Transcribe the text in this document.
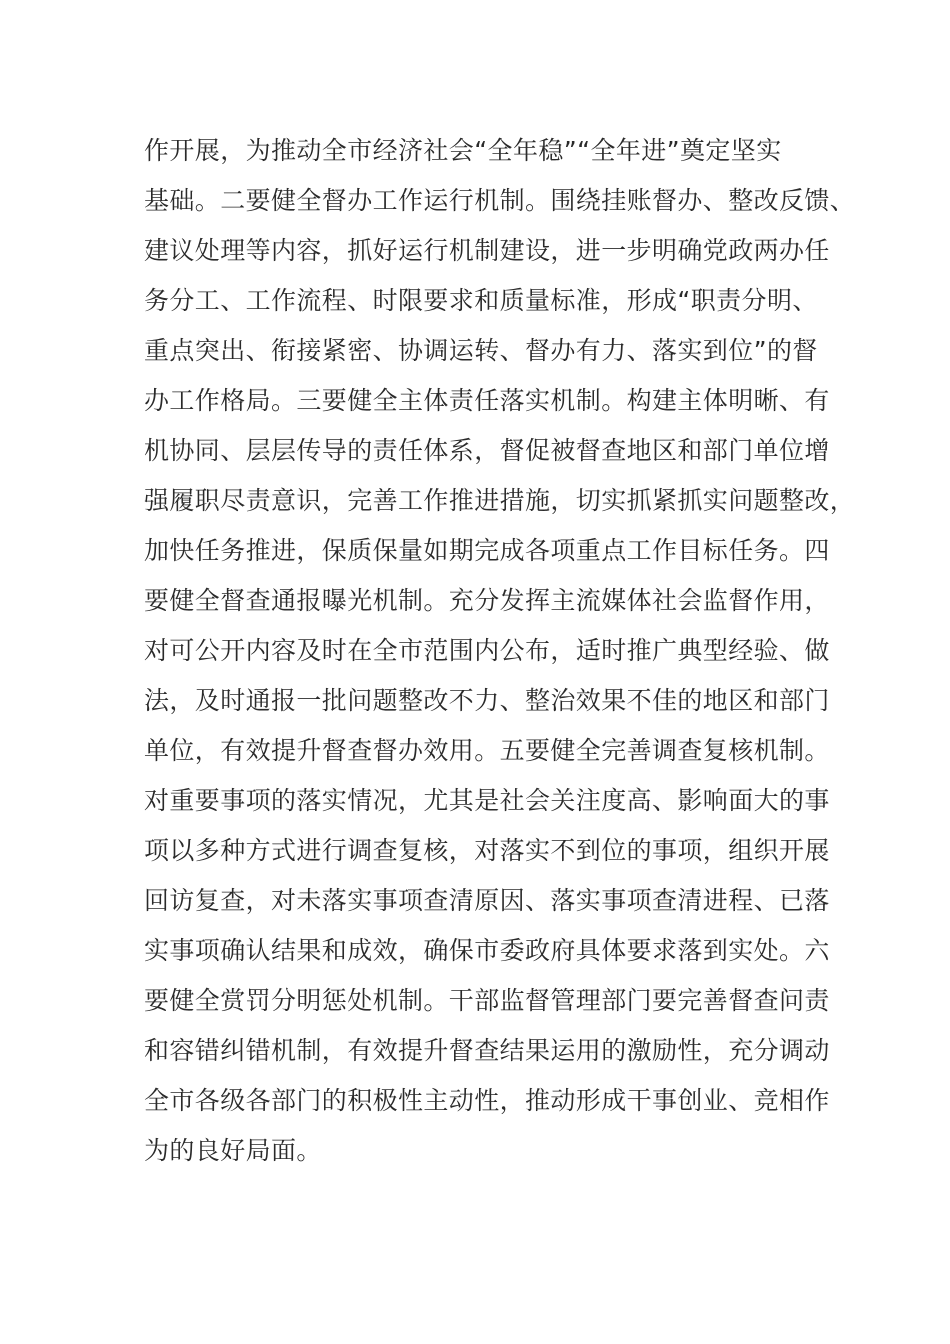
作开展，为推动全市经济社会“全年稳”“全年进”奠定坚实
基础。二要健全督办工作运行机制。围绕挂账督办、整改反馈、
建议处理等内容，抓好运行机制建设，进一步明确党政两办任
务分工、工作流程、时限要求和质量标准，形成“职责分明、
重点突出、衔接紧密、协调运转、督办有力、落实到位”的督
办工作格局。三要健全主体责任落实机制。构建主体明晰、有
机协同、层层传导的责任体系，督促被督查地区和部门单位增
强履职尽责意识，完善工作推进措施，切实抓紧抓实问题整改，
加快任务推进，保质保量如期完成各项重点工作目标任务。四
要健全督查通报曝光机制。充分发挥主流媒体社会监督作用，
对可公开内容及时在全市范围内公布，适时推广典型经验、做
法，及时通报一批问题整改不力、整治效果不佳的地区和部门
单位，有效提升督查督办效用。五要健全完善调查复核机制。
对重要事项的落实情况，尤其是社会关注度高、影响面大的事
项以多种方式进行调查复核，对落实不到位的事项，组织开展
回访复查，对未落实事项查清原因、落实事项查清进程、已落
实事项确认结果和成效，确保市委政府具体要求落到实处。六
要健全赏罚分明惩处机制。干部监督管理部门要完善督查问责
和容错纠错机制，有效提升督查结果运用的激励性，充分调动
全市各级各部门的积极性主动性，推动形成干事创业、竞相作
为的良好局面。
